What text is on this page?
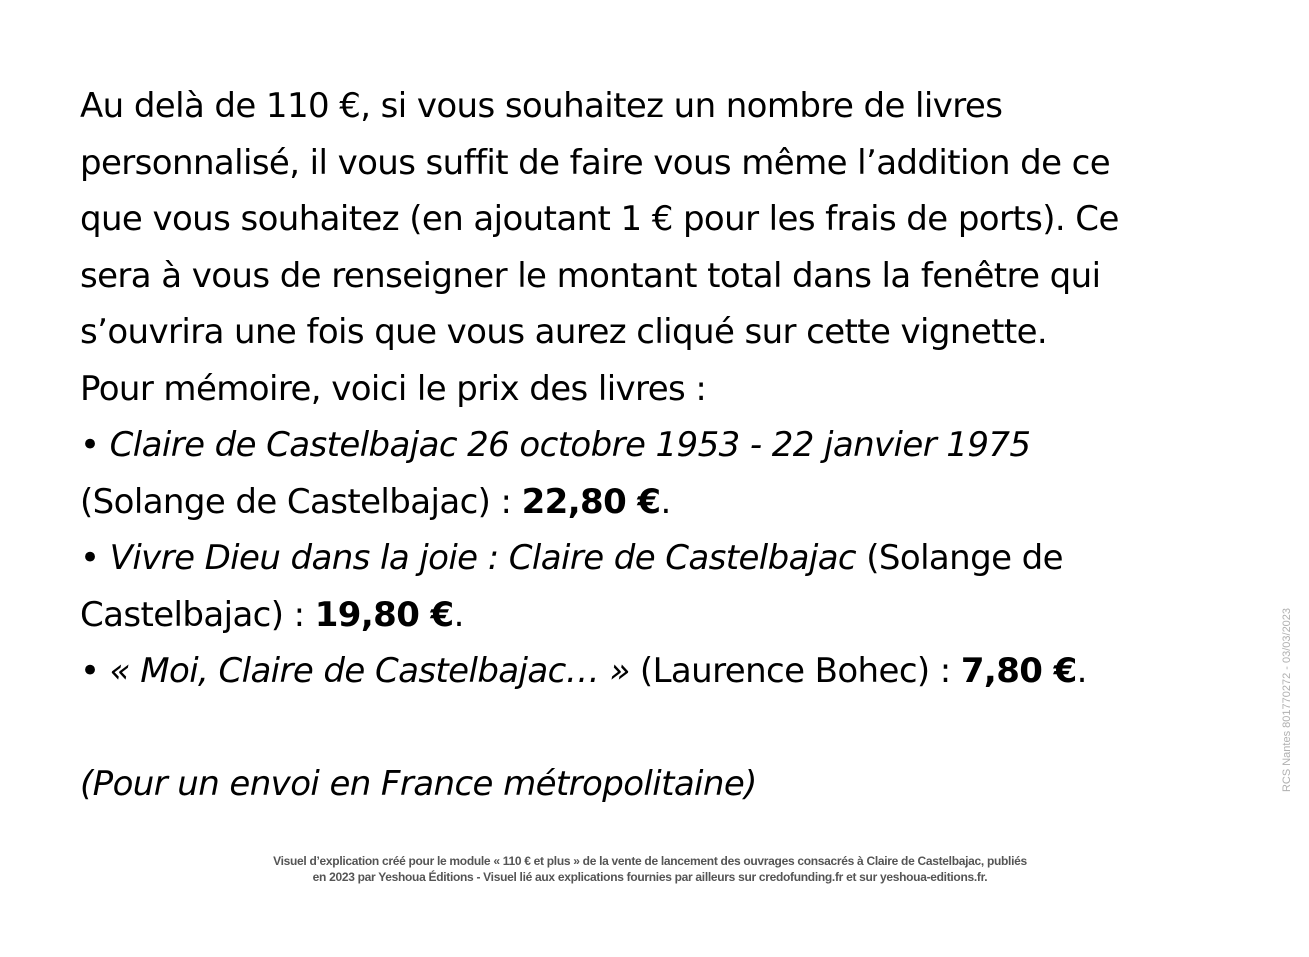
Au delà de 110 €, si vous souhaitez un nombre de livres

personnalisé, il vous suffit de faire vous même l’addition de ce

que vous souhaitez (en ajoutant 1 € pour les frais de ports). Ce

sera à vous de renseigner le montant total dans la fenêtre qui

s’ouvrira une fois que vous aurez cliqué sur cette vignette.

Pour mémoire, voici le prix des livres :

• Claire de Castelbajac 26 octobre 1953 - 22 janvier 1975

(Solange de Castelbajac) : 22,80 €.

• Vivre Dieu dans la joie : Claire de Castelbajac (Solange de

Castelbajac) : 19,80 €.

• « Moi, Claire de Castelbajac… » (Laurence Bohec) : 7,80 €.

(Pour un envoi en France métropolitaine)	RCS Nantes 801770272 - 03/03/2023

Visuel d’explication créé pour le module « 110 € et plus » de la vente de lancement des ouvrages consacrés à Claire de Castelbajac, publiés

en 2023 par Yeshoua Éditions - Visuel lié aux explications fournies par ailleurs sur credofunding.fr et sur yeshoua-editions.fr.
